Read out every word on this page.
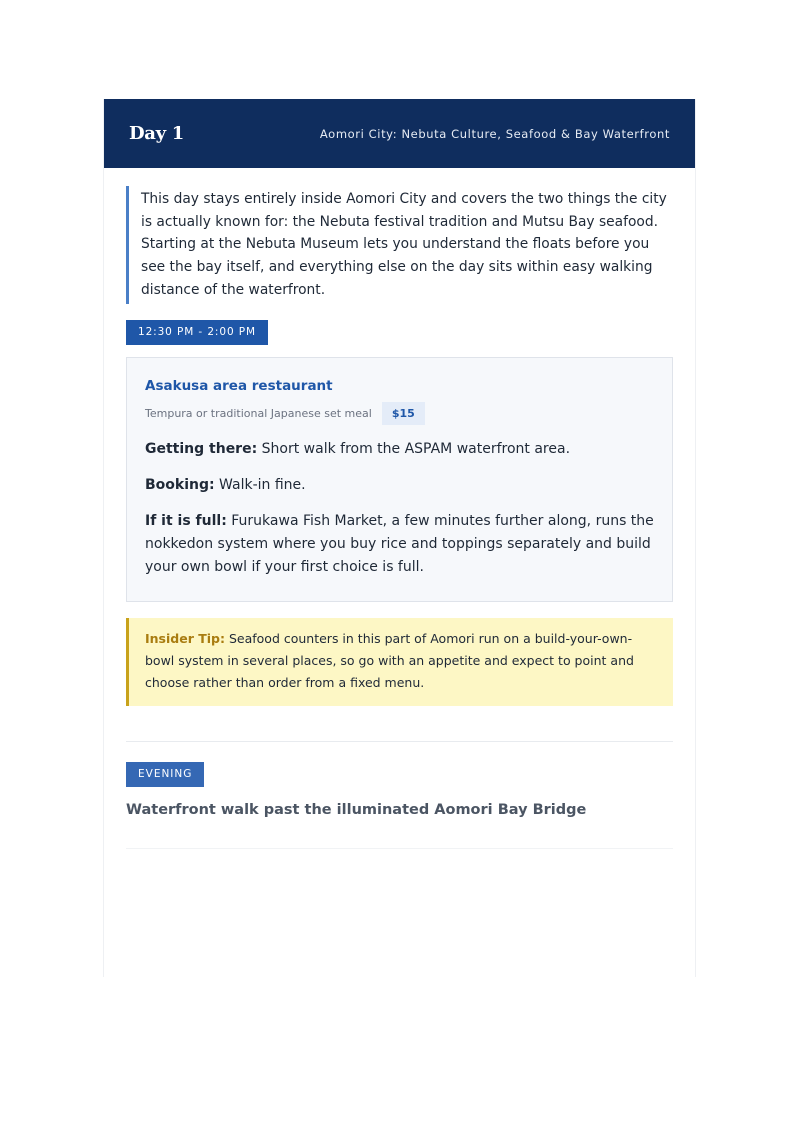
Day 1	Aomori City: Nebuta Culture, Seafood & Bay Waterfront
This day stays entirely inside Aomori City and covers the two things the city is actually known for: the Nebuta festival tradition and Mutsu Bay seafood. Starting at the Nebuta Museum lets you understand the floats before you see the bay itself, and everything else on the day sits within easy walking distance of the waterfront.
12:30 PM - 2:00 PM
Asakusa area restaurant
Tempura or traditional Japanese set meal	$15
Getting there: Short walk from the ASPAM waterfront area.
Booking: Walk-in fine.
If it is full: Furukawa Fish Market, a few minutes further along, runs the nokkedon system where you buy rice and toppings separately and build your own bowl if your first choice is full.
Insider Tip: Seafood counters in this part of Aomori run on a build-your-own-bowl system in several places, so go with an appetite and expect to point and choose rather than order from a fixed menu.
EVENING
Waterfront walk past the illuminated Aomori Bay Bridge
